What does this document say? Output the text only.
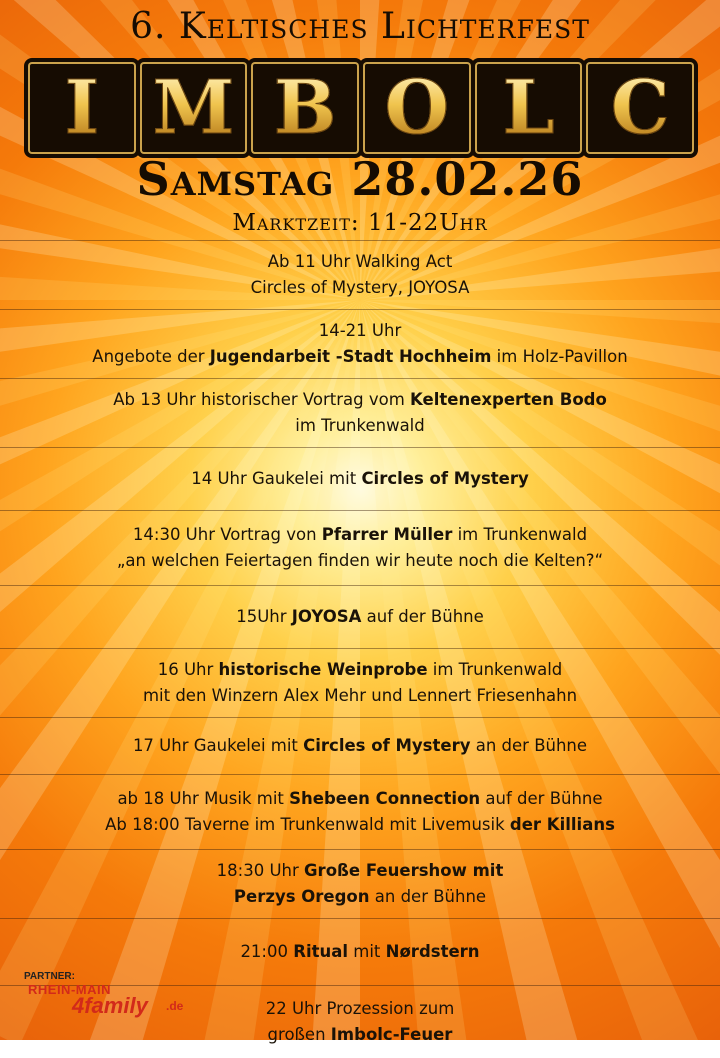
6. Keltisches Lichterfest
I M B O L C
Samstag 28.02.26
Marktzeit: 11-22Uhr
Ab 11 Uhr Walking Act
Circles of Mystery, JOYOSA
14-21 Uhr
Angebote der Jugendarbeit -Stadt Hochheim im Holz-Pavillon
Ab 13 Uhr historischer Vortrag vom Keltenexperten Bodo
im Trunkenwald
14 Uhr Gaukelei mit Circles of Mystery
14:30 Uhr Vortrag von Pfarrer Müller im Trunkenwald
„an welchen Feiertagen finden wir heute noch die Kelten?“
15Uhr JOYOSA auf der Bühne
16 Uhr historische Weinprobe im Trunkenwald
mit den Winzern Alex Mehr und Lennert Friesenhahn
17 Uhr Gaukelei mit Circles of Mystery an der Bühne
ab 18 Uhr Musik mit Shebeen Connection auf der Bühne
Ab 18:00 Taverne im Trunkenwald mit Livemusik der Killians
18:30 Uhr Große Feuershow mit
Perzys Oregon an der Bühne
21:00 Ritual mit Nørdstern
22 Uhr Prozession zum
großen Imbolc-Feuer
PARTNER:
RHEIN-MAIN
4family .de
